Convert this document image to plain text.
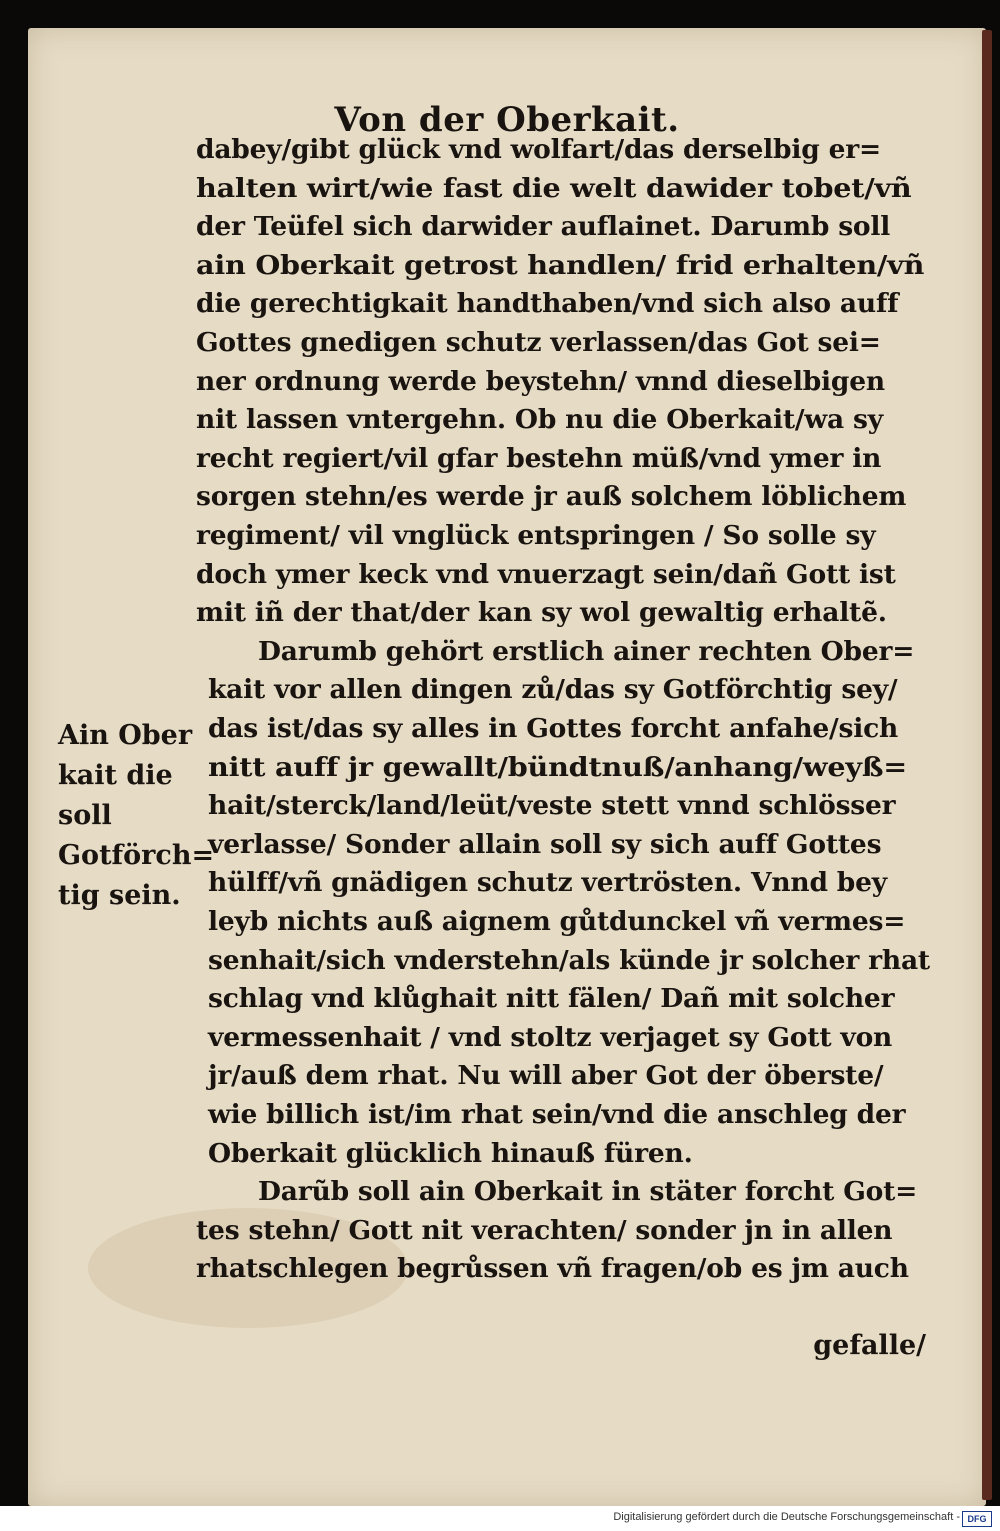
Von der Oberkait.
Ain Ober
kait die soll
Gotförch=
tig sein.
dabey/gibt glück vnd wolfart/das derselbig er=
halten wirt/wie fast die welt dawider tobet/vñ
der Teüfel sich darwider auflainet. Darumb soll
ain Oberkait getrost handlen/ frid erhalten/vñ
die gerechtigkait handthaben/vnd sich also auff
Gottes gnedigen schutz verlassen/das Got sei=
ner ordnung werde beystehn/ vnnd dieselbigen
nit lassen vntergehn. Ob nu die Oberkait/wa sy
recht regiert/vil gfar bestehn müß/vnd ymer in
sorgen stehn/es werde jr auß solchem löblichem
regiment/ vil vnglück entspringen / So solle sy
doch ymer keck vnd vnuerzagt sein/dañ Gott ist
mit iñ der that/der kan sy wol gewaltig erhaltẽ.
Darumb gehört erstlich ainer rechten Ober=
kait vor allen dingen zů/das sy Gotförchtig sey/
das ist/das sy alles in Gottes forcht anfahe/sich
nitt auff jr gewallt/bündtnuß/anhang/weyß=
hait/sterck/land/leüt/veste stett vnnd schlösser
verlasse/ Sonder allain soll sy sich auff Gottes
hülff/vñ gnädigen schutz vertrösten. Vnnd bey
leyb nichts auß aignem gůtdunckel vñ vermes=
senhait/sich vnderstehn/als künde jr solcher rhat
schlag vnd klůghait nitt fälen/ Dañ mit solcher
vermessenhait / vnd stoltz verjaget sy Gott von
jr/auß dem rhat. Nu will aber Got der öberste/
wie billich ist/im rhat sein/vnd die anschleg der
Oberkait glücklich hinauß füren.
Darũb soll ain Oberkait in stäter forcht Got=
tes stehn/ Gott nit verachten/ sonder jn in allen
rhatschlegen begrůssen vñ fragen/ob es jm auch
gefalle/
Digitalisierung gefördert durch die Deutsche Forschungsgemeinschaft - DFG
